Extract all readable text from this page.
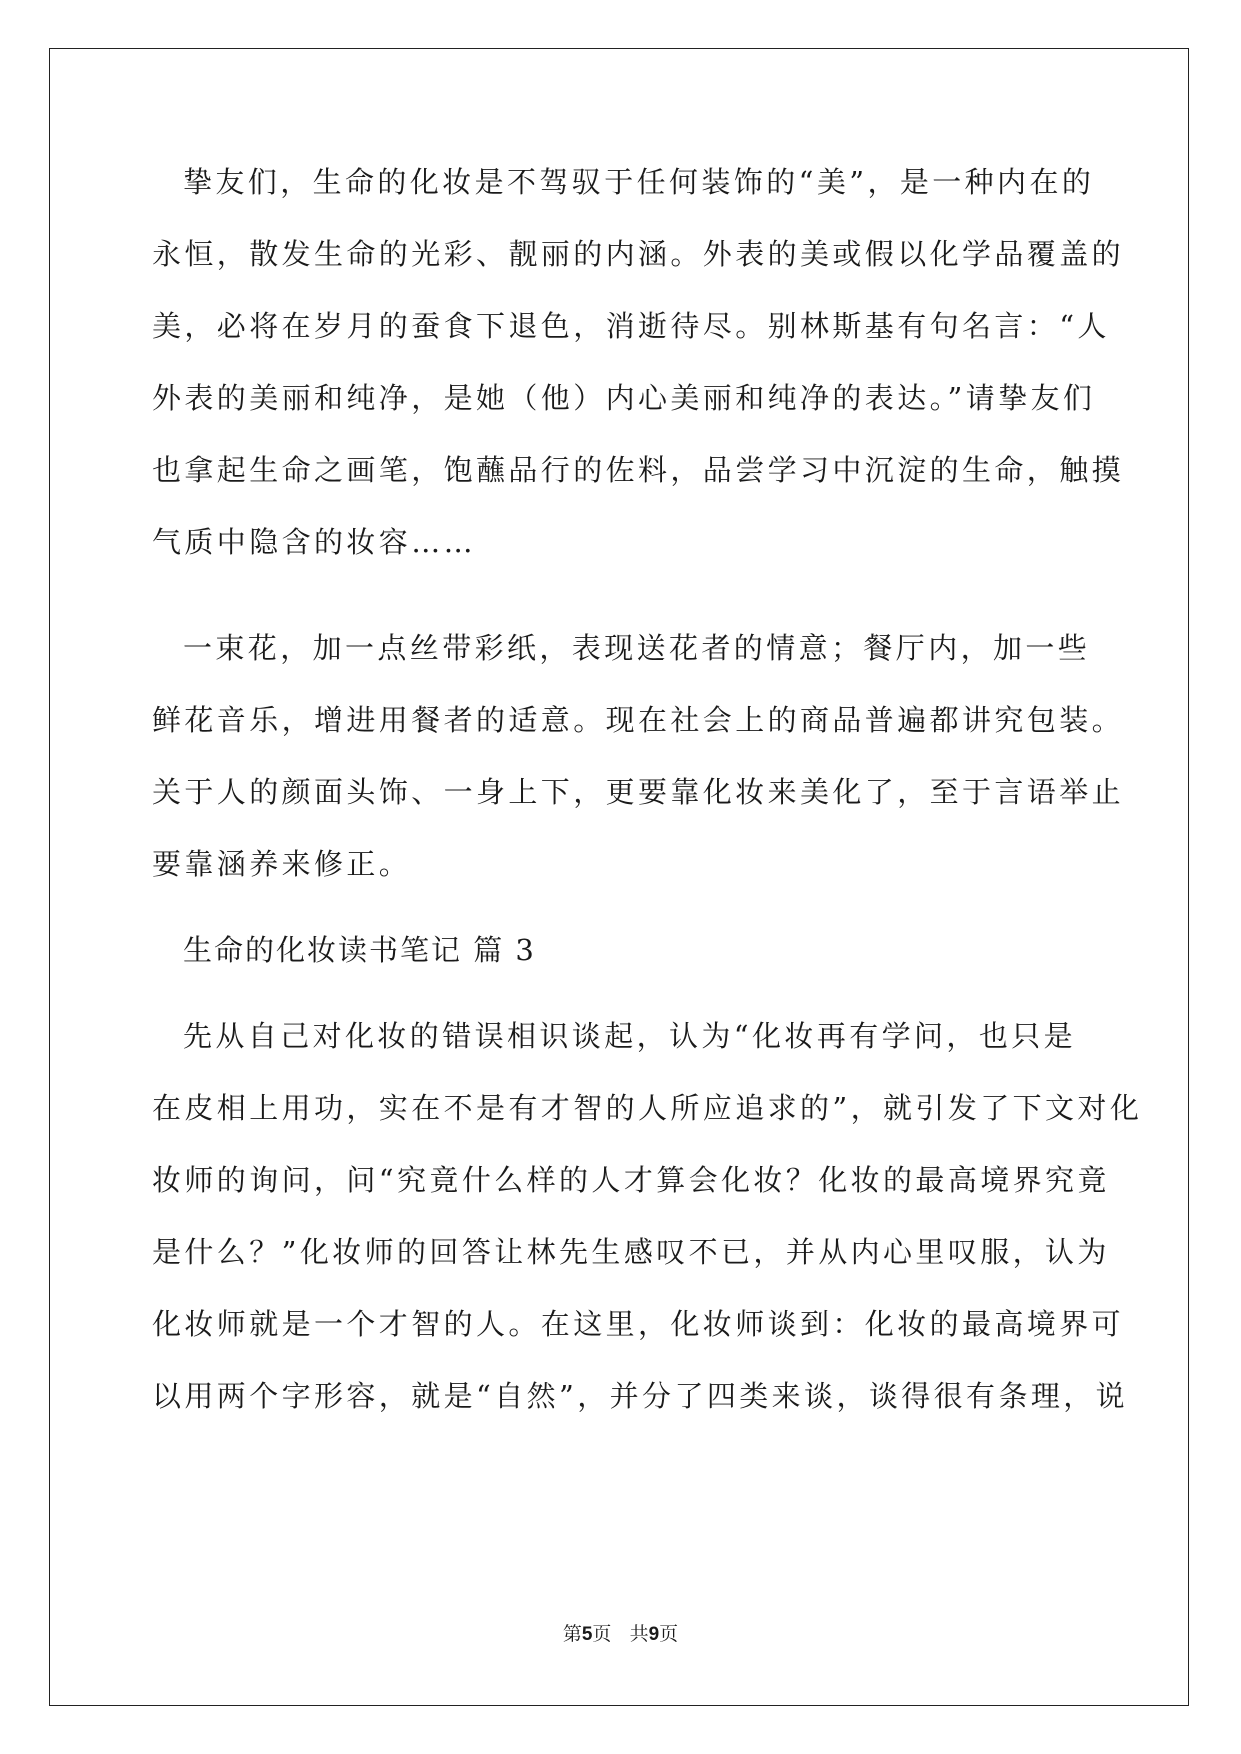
挚友们，生命的化妆是不驾驭于任何装饰的“美”，是一种内在的
永恒，散发生命的光彩、靓丽的内涵。外表的美或假以化学品覆盖的
美，必将在岁月的蚕食下退色，消逝待尽。别林斯基有句名言：“人
外表的美丽和纯净，是她（他）内心美丽和纯净的表达。”请挚友们
也拿起生命之画笔，饱蘸品行的佐料，品尝学习中沉淀的生命，触摸
气质中隐含的妆容……
一束花，加一点丝带彩纸，表现送花者的情意；餐厅内，加一些
鲜花音乐，增进用餐者的适意。现在社会上的商品普遍都讲究包装。
关于人的颜面头饰、一身上下，更要靠化妆来美化了，至于言语举止
要靠涵养来修正。
生命的化妆读书笔记 篇 3
先从自己对化妆的错误相识谈起，认为“化妆再有学问，也只是
在皮相上用功，实在不是有才智的人所应追求的”，就引发了下文对化
妆师的询问，问“究竟什么样的人才算会化妆？化妆的最高境界究竟
是什么？”化妆师的回答让林先生感叹不已，并从内心里叹服，认为
化妆师就是一个才智的人。在这里，化妆师谈到：化妆的最高境界可
以用两个字形容，就是“自然”，并分了四类来谈，谈得很有条理，说
第5页 共9页
